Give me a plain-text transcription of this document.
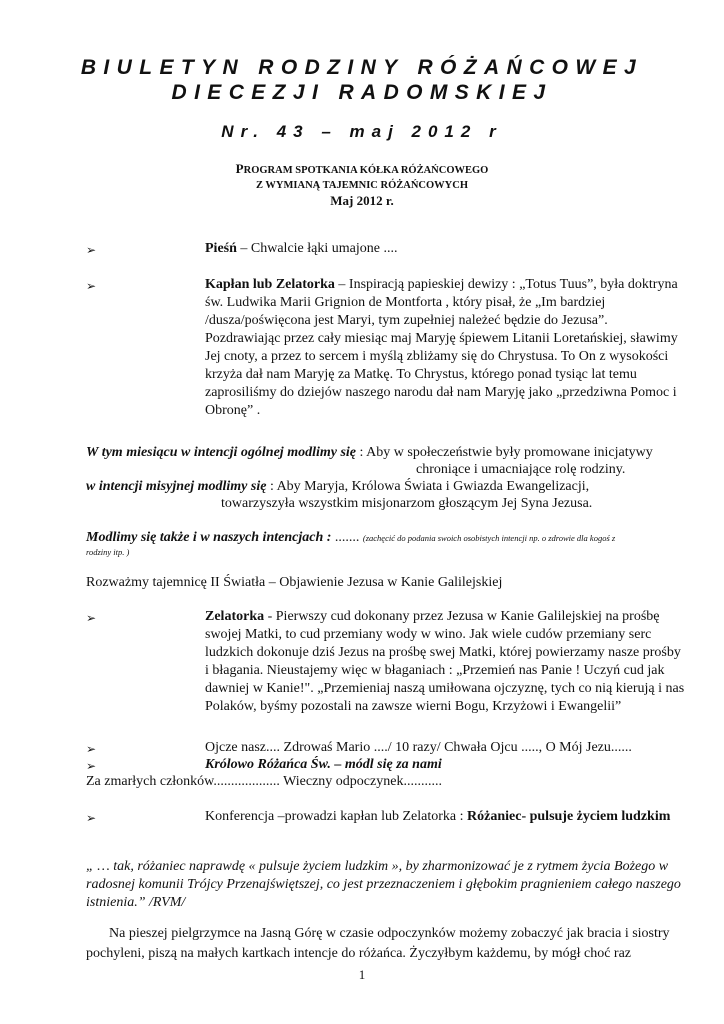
BIULETYN RODZINY RÓŻAŃCOWEJ
DIECEZJI RADOMSKIEJ
Nr. 43 – maj 2012 r
PROGRAM SPOTKANIA KÓŁKA RÓŻAŃCOWEGO
Z WYMIANĄ TAJEMNIC RÓŻAŃCOWYCH
Maj 2012 r.
➢	Pieśń – Chwalcie łąki umajone ....
➢	Kapłan lub Zelatorka – Inspiracją papieskiej dewizy : „Totus Tuus”, była doktryna św. Ludwika Marii Grignion de Montforta , który pisał, że „Im bardziej /dusza/poświęcona jest Maryi, tym zupełniej należeć będzie do Jezusa”. Pozdrawiając przez cały miesiąc maj Maryję śpiewem Litanii Loretańskiej, sławimy Jej cnoty, a przez to sercem i myślą zbliżamy się do Chrystusa. To On z wysokości krzyża dał nam Maryję za Matkę. To Chrystus, którego ponad tysiąc lat temu zaprosiliśmy do dziejów naszego narodu dał nam Maryję jako „przedziwna Pomoc i Obronę” .
W tym miesiącu w intencji ogólnej modlimy się : Aby w społeczeństwie były promowane inicjatywy
chroniące i umacniające rolę rodziny.
w intencji misyjnej modlimy się : Aby Maryja, Królowa Świata i Gwiazda Ewangelizacji,
towarzyszyła wszystkim misjonarzom głoszącym Jej Syna Jezusa.
Modlimy się także i w naszych intencjach : ....... (zachęcić do podania swoich osobistych intencji np. o zdrowie dla kogoś z
rodziny itp. )
Rozważmy tajemnicę II Światła – Objawienie Jezusa w Kanie Galilejskiej
➢	Zelatorka - Pierwszy cud dokonany przez Jezusa w Kanie Galilejskiej na prośbę swojej Matki, to cud przemiany wody w wino. Jak wiele cudów przemiany serc ludzkich dokonuje dziś Jezus na prośbę swej Matki, której powierzamy nasze prośby i błagania. Nieustajemy więc w błaganiach : „Przemień nas Panie ! Uczyń cud jak dawniej w Kanie!". „Przemieniaj naszą umiłowana ojczyznę, tych co nią kierują i nas Polaków, byśmy pozostali na zawsze wierni Bogu, Krzyżowi i Ewangelii”
➢	Ojcze nasz.... Zdrowaś Mario ..../ 10 razy/ Chwała Ojcu ....., O Mój Jezu......
➢	Królowo Różańca Św. – módl się za nami
Za zmarłych członków................... Wieczny odpoczynek...........
➢	Konferencja –prowadzi kapłan lub Zelatorka : Różaniec- pulsuje życiem ludzkim
„ … tak, różaniec naprawdę « pulsuje życiem ludzkim », by zharmonizować je z rytmem życia Bożego w radosnej komunii Trójcy Przenajświętszej, co jest przeznaczeniem i głębokim pragnieniem całego naszego istnienia.” /RVM/
Na pieszej pielgrzymce na Jasną Górę w czasie odpoczynków możemy zobaczyć jak bracia i siostry pochyleni, piszą na małych kartkach intencje do różańca. Życzyłbym każdemu, by mógł choć raz
1
